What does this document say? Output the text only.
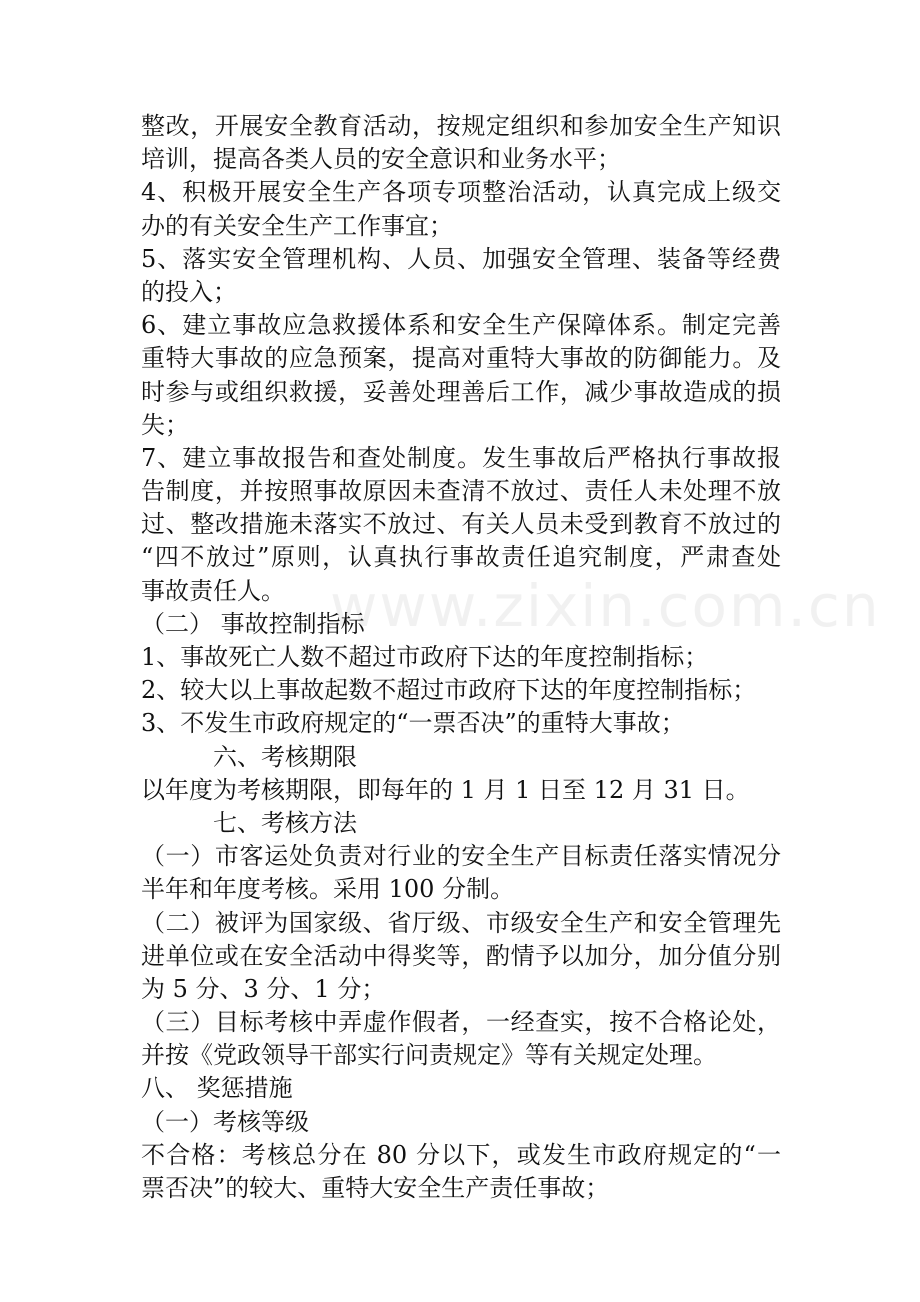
www.zixin.com.cn
整改，开展安全教育活动，按规定组织和参加安全生产知识
培训，提高各类人员的安全意识和业务水平；
4、积极开展安全生产各项专项整治活动，认真完成上级交
办的有关安全生产工作事宜；
5、落实安全管理机构、人员、加强安全管理、装备等经费
的投入；
6、建立事故应急救援体系和安全生产保障体系。制定完善
重特大事故的应急预案，提高对重特大事故的防御能力。及
时参与或组织救援，妥善处理善后工作，减少事故造成的损
失；
7、建立事故报告和查处制度。发生事故后严格执行事故报
告制度，并按照事故原因未查清不放过、责任人未处理不放
过、整改措施未落实不放过、有关人员未受到教育不放过的
“四不放过”原则，认真执行事故责任追究制度，严肃查处
事故责任人。
（二） 事故控制指标
1、事故死亡人数不超过市政府下达的年度控制指标；
2、较大以上事故起数不超过市政府下达的年度控制指标；
3、不发生市政府规定的“一票否决”的重特大事故；
六、考核期限
以年度为考核期限，即每年的 1 月 1 日至 12 月 31 日。
七、考核方法
（一）市客运处负责对行业的安全生产目标责任落实情况分
半年和年度考核。采用 100 分制。
（二）被评为国家级、省厅级、市级安全生产和安全管理先
进单位或在安全活动中得奖等，酌情予以加分，加分值分别
为 5 分、3 分、1 分；
（三）目标考核中弄虚作假者，一经查实，按不合格论处，
并按《党政领导干部实行问责规定》等有关规定处理。
八、 奖惩措施
（一）考核等级
不合格：考核总分在 80 分以下，或发生市政府规定的“一
票否决”的较大、重特大安全生产责任事故；
